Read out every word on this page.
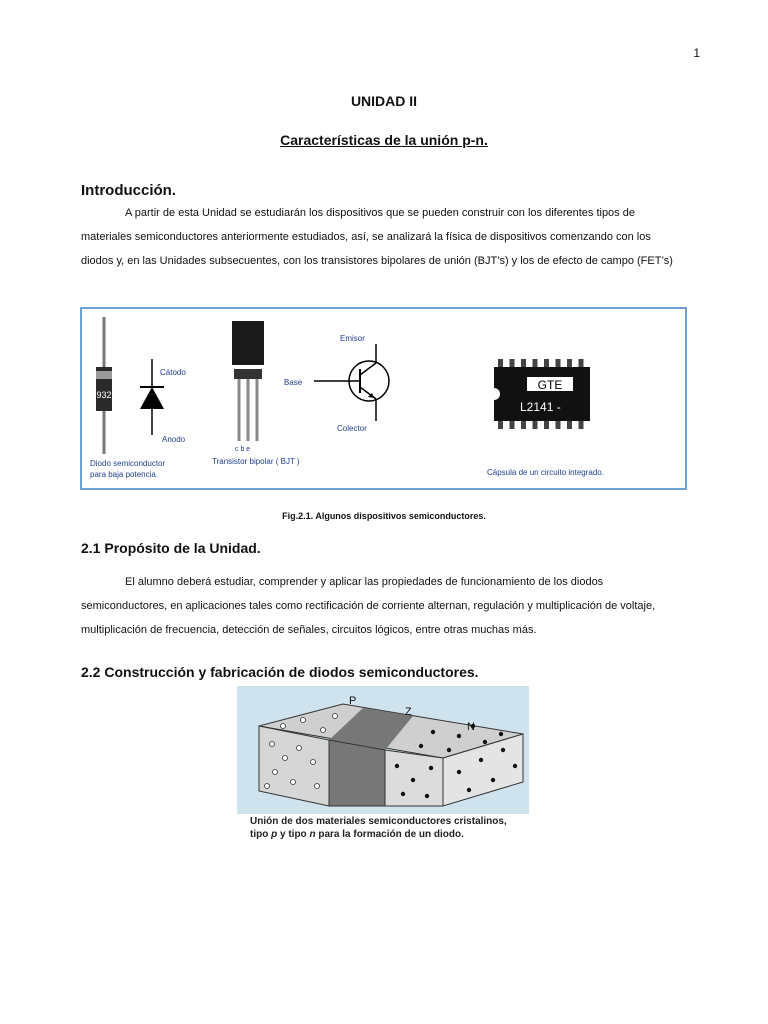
1
UNIDAD II
Características de la unión p-n.
Introducción.
A partir de esta Unidad se estudiarán los dispositivos que se pueden construir con los diferentes tipos de
materiales semiconductores anteriormente estudiados, así, se analizará la física de dispositivos comenzando con los
diodos y, en las Unidades subsecuentes, con los transistores bipolares de unión (BJT’s) y los de efecto de campo (FET’s)
932
Cátodo
Anodo
Diodo semiconductor
para baja potencia.
c b e
Transistor bipolar ( BJT )
Emisor
Base
Colector
GTE
L2141 -
Cápsula de un circuito integrado.
Fig.2.1. Algunos dispositivos semiconductores.
2.1 Propósito de la Unidad.
El alumno deberá estudiar, comprender y aplicar las propiedades de funcionamiento de los diodos
semiconductores, en aplicaciones tales como rectificación de corriente alternan, regulación y multiplicación de voltaje,
multiplicación de frecuencia, detección de señales, circuitos lógicos, entre otras muchas más.
2.2 Construcción y fabricación de diodos semiconductores.
P
Z
N
Unión de dos materiales semiconductores cristalinos,
tipo p y tipo n para la formación de un diodo.
